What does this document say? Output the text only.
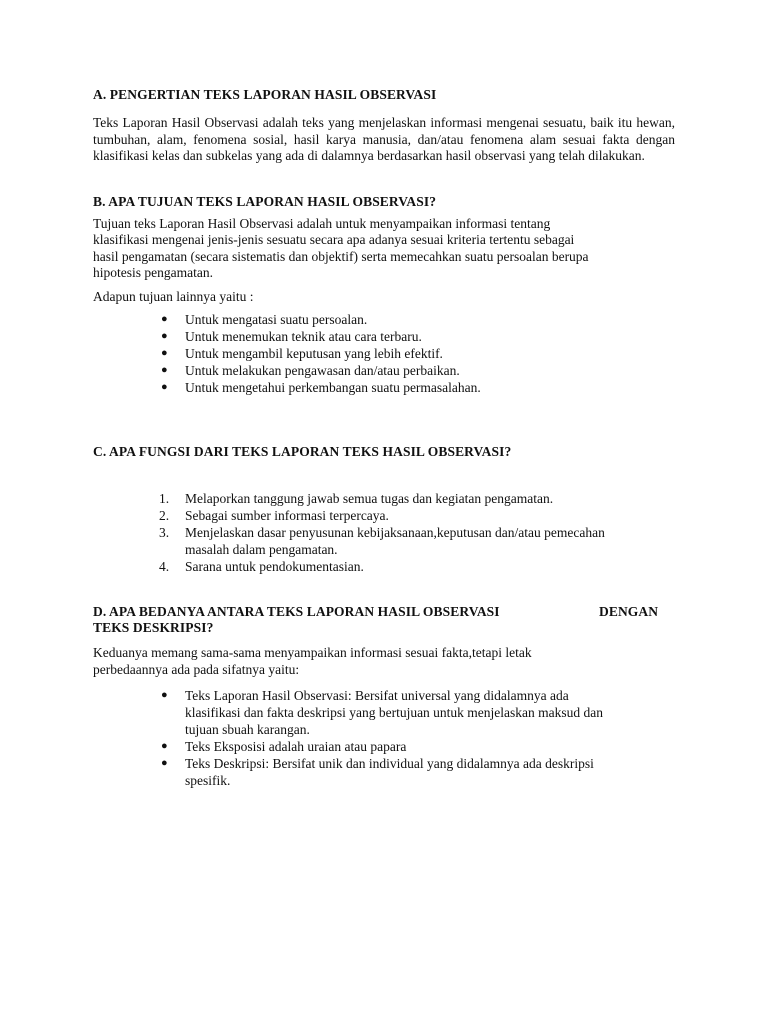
A. PENGERTIAN TEKS LAPORAN HASIL OBSERVASI

Teks Laporan Hasil Observasi adalah teks yang menjelaskan informasi mengenai sesuatu, baik itu hewan, tumbuhan, alam, fenomena sosial, hasil karya manusia, dan/atau fenomena alam sesuai fakta dengan klasifikasi kelas dan subkelas yang ada di dalamnya berdasarkan hasil observasi yang telah dilakukan.

B. APA TUJUAN TEKS LAPORAN HASIL OBSERVASI?

Tujuan teks Laporan Hasil Observasi adalah untuk menyampaikan informasi tentang

klasifikasi mengenai jenis-jenis sesuatu secara apa adanya sesuai kriteria tertentu sebagai

hasil pengamatan (secara sistematis dan objektif) serta memecahkan suatu persoalan berupa

hipotesis pengamatan.

Adapun tujuan lainnya yaitu :

● Untuk mengatasi suatu persoalan.
● Untuk menemukan teknik atau cara terbaru.
● Untuk mengambil keputusan yang lebih efektif.
● Untuk melakukan pengawasan dan/atau perbaikan.
● Untuk mengetahui perkembangan suatu permasalahan.
C. APA FUNGSI DARI TEKS LAPORAN TEKS HASIL OBSERVASI?
1.	Melaporkan tanggung jawab semua tugas dan kegiatan pengamatan.
2.	Sebagai sumber informasi terpercaya.
3.	Menjelaskan dasar penyusunan kebijaksanaan,keputusan dan/atau pemecahan
masalah dalam pengamatan.
4.	Sarana untuk pendokumentasian.
D. APA BEDANYA ANTARA TEKS LAPORAN HASIL OBSERVASI	DENGAN
TEKS DESKRIPSI?

Keduanya memang sama-sama menyampaikan informasi sesuai fakta,tetapi letak

perbedaannya ada pada sifatnya yaitu:

● Teks Laporan Hasil Observasi: Bersifat universal yang didalamnya ada
klasifikasi dan fakta deskripsi yang bertujuan untuk menjelaskan maksud dan
tujuan sbuah karangan.
● Teks Eksposisi adalah uraian atau papara
● Teks Deskripsi: Bersifat unik dan individual yang didalamnya ada deskripsi
spesifik.
